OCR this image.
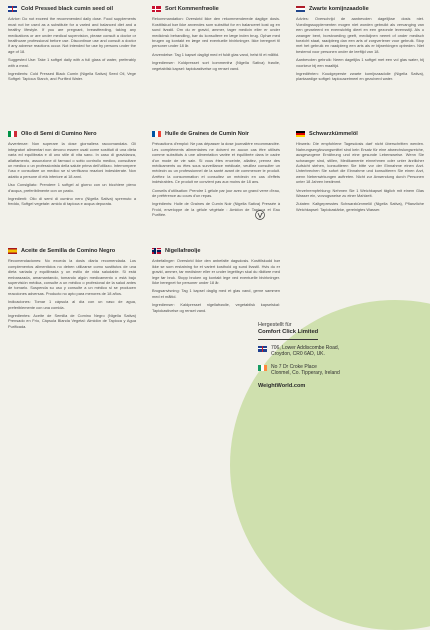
Cold Pressed black cumin seed oil

Advice: Do not exceed the recommended daily dose. Food supplements must not be used as a substitute for a varied and balanced diet and a healthy lifestyle. If you are pregnant, breastfeeding, taking any medications or are under medical supervision, please consult a doctor or healthcare professional before use. Discontinue use and consult a doctor if any adverse reactions occur. Not intended for use by persons under the age of 18.

Suggested Use: Take 1 softgel daily with a full glass of water, preferably with a meal.

Ingredients: Cold Pressed Black Cumin (Nigella Sativa) Seed Oil, Vege Softgel: Tapioca Starch, and Purified Water.

Sort Kommenfrøolie

Rekommandation: Overskrid ikke den rekommenderede daglige dosis. Kosttilskud bør ikke anvendes som substitut for en balanceret kost og en sund livsstil. Om du er gravid, ammer, tager medicin eller er under medicinsk behandling, bør du konsultere en læge inden brug. Ophør med brugen og kontakt en læge ved eventuelle bivirkninger. Ikke beregnet til personer under 18 år.

Anvendelse: Tag 1 kapsel dagligt med et fuldt glas vand, helst til et måltid.

Ingredienser: Koldpresset sort kommenfrø (Nigella Sativa) frøolie, vegetabilsk kapsel: tapiokastivelse og renset vand.

Zwarte komijnzaadolie

Advies: Overschrijd de aanbevolen dagelijkse dosis niet. Voedingssupplementen mogen niet worden gebruikt als vervanging van een gevarieerd en evenwichtig dieet en een gezonde levensstijl. Als u zwanger bent, borstvoeding geeft, medicijnen neemt of onder medisch toezicht staat, raadpleeg dan een arts of zorgverlener voor gebruik. Stop met het gebruik en raadpleeg een arts als er bijwerkingen optreden. Niet bestemd voor personen onder de leeftijd van 18.

Aanbevolen gebruik: Neem dagelijks 1 softgel met een vol glas water, bij voorkeur bij een maaltijd.

Ingrediënten: Koudgeperste zwarte komijnzaadolie (Nigella Sativa), plantaardige softgel: tapiocazetmeel en gezuiverd water.

Olio di Semi di Cumino Nero

Avvertenze: Non superare la dose giornaliera raccomandata. Gli integratori alimentari non devono essere usati come sostituti di una dieta varia ed equilibrata e di uno stile di vita sano. In caso di gravidanza, allattamento, assunzione di farmaci o sotto controllo medico, consultare un medico o un professionista della salute prima dell'utilizzo. Interrompere l'uso e consultare un medico se si verificano reazioni indesiderate. Non adatto a persone di età inferiore ai 18 anni.

Uso Consigliato: Prendere 1 softgel al giorno con un bicchiere pieno d'acqua, preferibilmente con un pasto.

Ingredienti: Olio di semi di cumino nero (Nigella Sativa) spremuto a freddo, Softgel vegetale: amido di tapioca e acqua depurata.

Huile de Graines de Cumin Noir

Précautions d'emploi: Ne pas dépasser la dose journalière recommandée. Les compléments alimentaires ne doivent en aucun cas être utilisés comme substituts à une alimentation variée et équilibrée dans le cadre d'un mode de vie sain. Si vous êtes enceinte, allaitez, prenez des médicaments ou êtes sous surveillance médicale, veuillez consulter un médecin ou un professionnel de la santé avant de commencer le produit. Arrêtez la consommation et consultez un médecin en cas d'effets indésirables. Ce produit ne convient pas aux moins de 18 ans.

Conseils d'utilisation: Prendre 1 gélule par jour avec un grand verre d'eau, de préférence au cours d'un repas.

Ingrédients: Huile de Graines de Cumin Noir (Nigella Sativa) Pressée à Froid, enveloppe de la gélule végétale : Amidon de Tapioca et Eau Purifiée.

Schwarzkümmelöl

Hinweis: Die empfohlene Tagesdosis darf nicht überschritten werden. Nahrungsergänzungsmittel sind kein Ersatz für eine abwechslungsreiche, ausgewogene Ernährung und eine gesunde Lebensweise. Wenn Sie schwanger sind, stillen, Medikamente einnehmen oder unter ärztlicher Aufsicht stehen, konsultieren Sie bitte vor der Einnahme einen Arzt. Unterbrechen Sie sofort die Einnahme und konsultieren Sie einen Arzt, wenn Nebenwirkungen auftreten. Nicht zur Anwendung durch Personen unter 18 Jahren bestimmt.

Verzehrempfehlung: Nehmen Sie 1 Weichkapsel täglich mit einem Glas Wasser ein, vorzugsweise zu einer Mahlzeit.

Zutaten: Kaltgepresstes Schwarzkümmelöl (Nigella Sativa), Pflanzliche Weichkapsel: Tapiokastärke, gereinigtes Wasser.

Aceite de Semilla de Comino Negro

Recomendaciones: No exceda la dosis diaria recomendada. Los complementos alimenticios no deben utilizarse como sustitutos de una dieta variada y equilibrada y un estilo de vida saludable. Si está embarazada, amamantando, tomando algún medicamento o está bajo supervisión médica, consulte a un médico o profesional de la salud antes de tomarlo. Suspenda su uso y consulte a un médico si se producen reacciones adversas. Producto no apto para menores de 18 años.

Indicaciones: Tomar 1 cápsula al día con un vaso de agua, preferiblemente con una comida.

Ingredientes: Aceite de Semilla de Comino Negro (Nigella Sativa) Prensado en Frío, Cápsula Blanda Vegetal: Almidón de Tapioca y Agua Purificada.

Nigellafrøolje

Anbefalinger: Overskrid ikke den anbefalte dagsdosis. Kosttilskudd bør ikke se som erstatning for et variert kosthold og sund livsstil. Hvis du er gravid, ammer, tar medisiner eller er under legetilsyn skal du rådføre med lege før bruk. Stopp bruken og kontakt lege ved eventuelle bivirkninger. Ikke beregnet for personer under 18 år.

Brugsanvisning: Tag 1 kapsel daglig med et glas vand, gerne sammen med et måltid.

Ingredienser: Kaldpresset nigellafrøolie, vegetabilsk kapselskal: Tapiokastivelse og renset vand.

Hergestellt für
Comfort Click Limited
706, Lower Addiscombe Road,
Croydon, CR0 6AD, UK.
No 7 Dr Croke Place
Clonmel, Co. Tipperary, Ireland
WeightWorld.com
